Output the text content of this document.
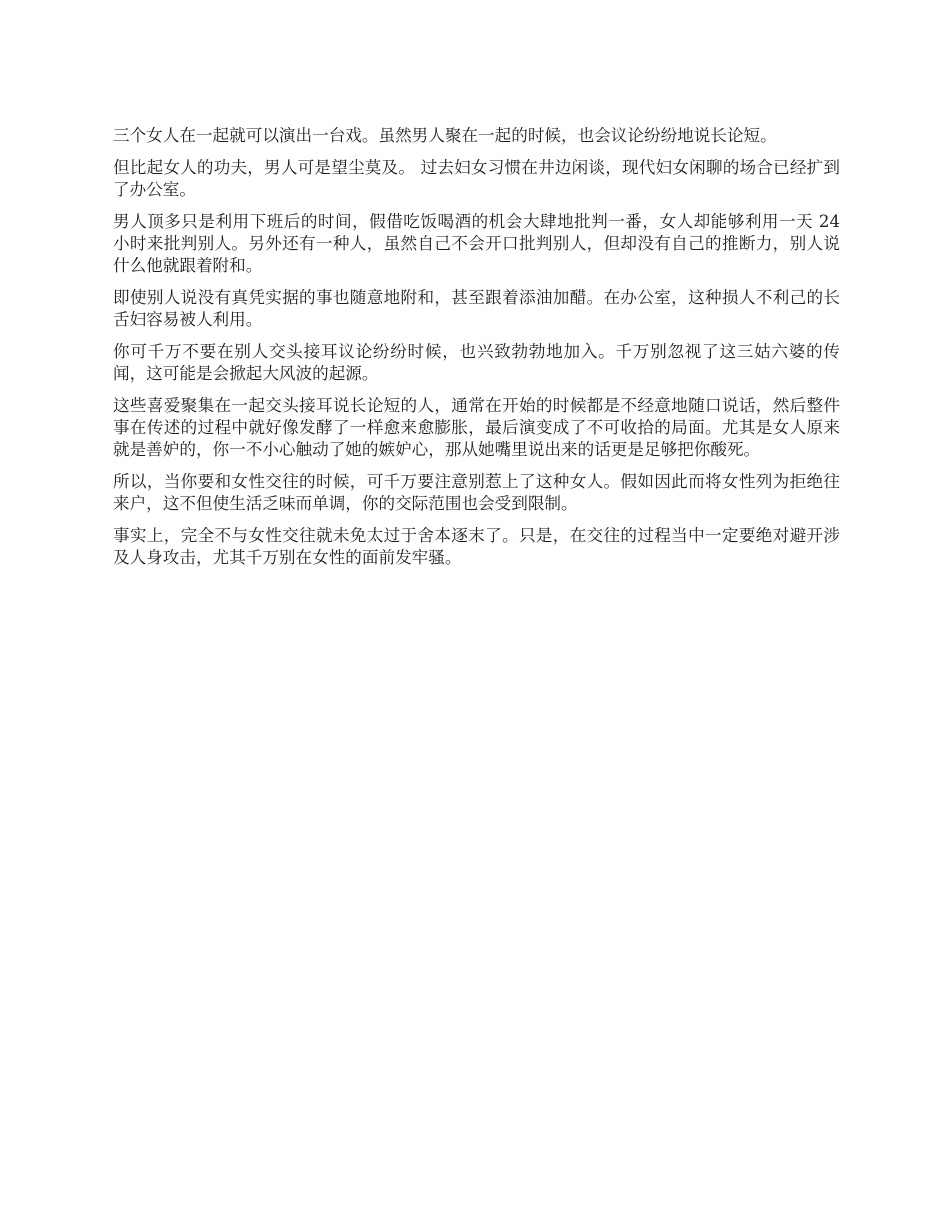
三个女人在一起就可以演出一台戏。虽然男人聚在一起的时候，也会议论纷纷地说长论短。

但比起女人的功夫，男人可是望尘莫及。 过去妇女习惯在井边闲谈，现代妇女闲聊的场合已经扩到了办公室。

男人顶多只是利用下班后的时间，假借吃饭喝酒的机会大肆地批判一番，女人却能够利用一天 24 小时来批判别人。另外还有一种人，虽然自己不会开口批判别人，但却没有自己的推断力，别人说什么他就跟着附和。

即使别人说没有真凭实据的事也随意地附和，甚至跟着添油加醋。在办公室，这种损人不利己的长舌妇容易被人利用。

你可千万不要在别人交头接耳议论纷纷时候，也兴致勃勃地加入。千万别忽视了这三姑六婆的传闻，这可能是会掀起大风波的起源。

这些喜爱聚集在一起交头接耳说长论短的人，通常在开始的时候都是不经意地随口说话，然后整件事在传述的过程中就好像发酵了一样愈来愈膨胀，最后演变成了不可收拾的局面。尤其是女人原来就是善妒的，你一不小心触动了她的嫉妒心，那从她嘴里说出来的话更是足够把你酸死。

所以，当你要和女性交往的时候，可千万要注意别惹上了这种女人。假如因此而将女性列为拒绝往来户，这不但使生活乏味而单调，你的交际范围也会受到限制。

事实上，完全不与女性交往就未免太过于舍本逐末了。只是，在交往的过程当中一定要绝对避开涉及人身攻击，尤其千万别在女性的面前发牢骚。
